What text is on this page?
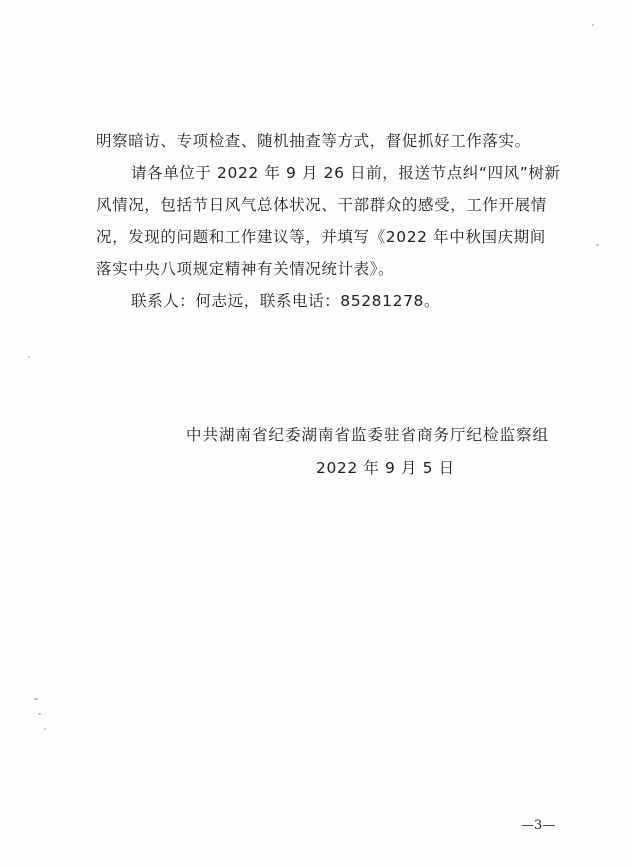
明察暗访、专项检查、随机抽查等方式，督促抓好工作落实。
请各单位于 2022 年 9 月 26 日前，报送节点纠“四风”树新
风情况，包括节日风气总体状况、干部群众的感受，工作开展情
况，发现的问题和工作建议等，并填写《2022 年中秋国庆期间
落实中央八项规定精神有关情况统计表》。
联系人：何志远，联系电话：85281278。
中共湖南省纪委湖南省监委驻省商务厅纪检监察组
2022 年 9 月 5 日
—3—
